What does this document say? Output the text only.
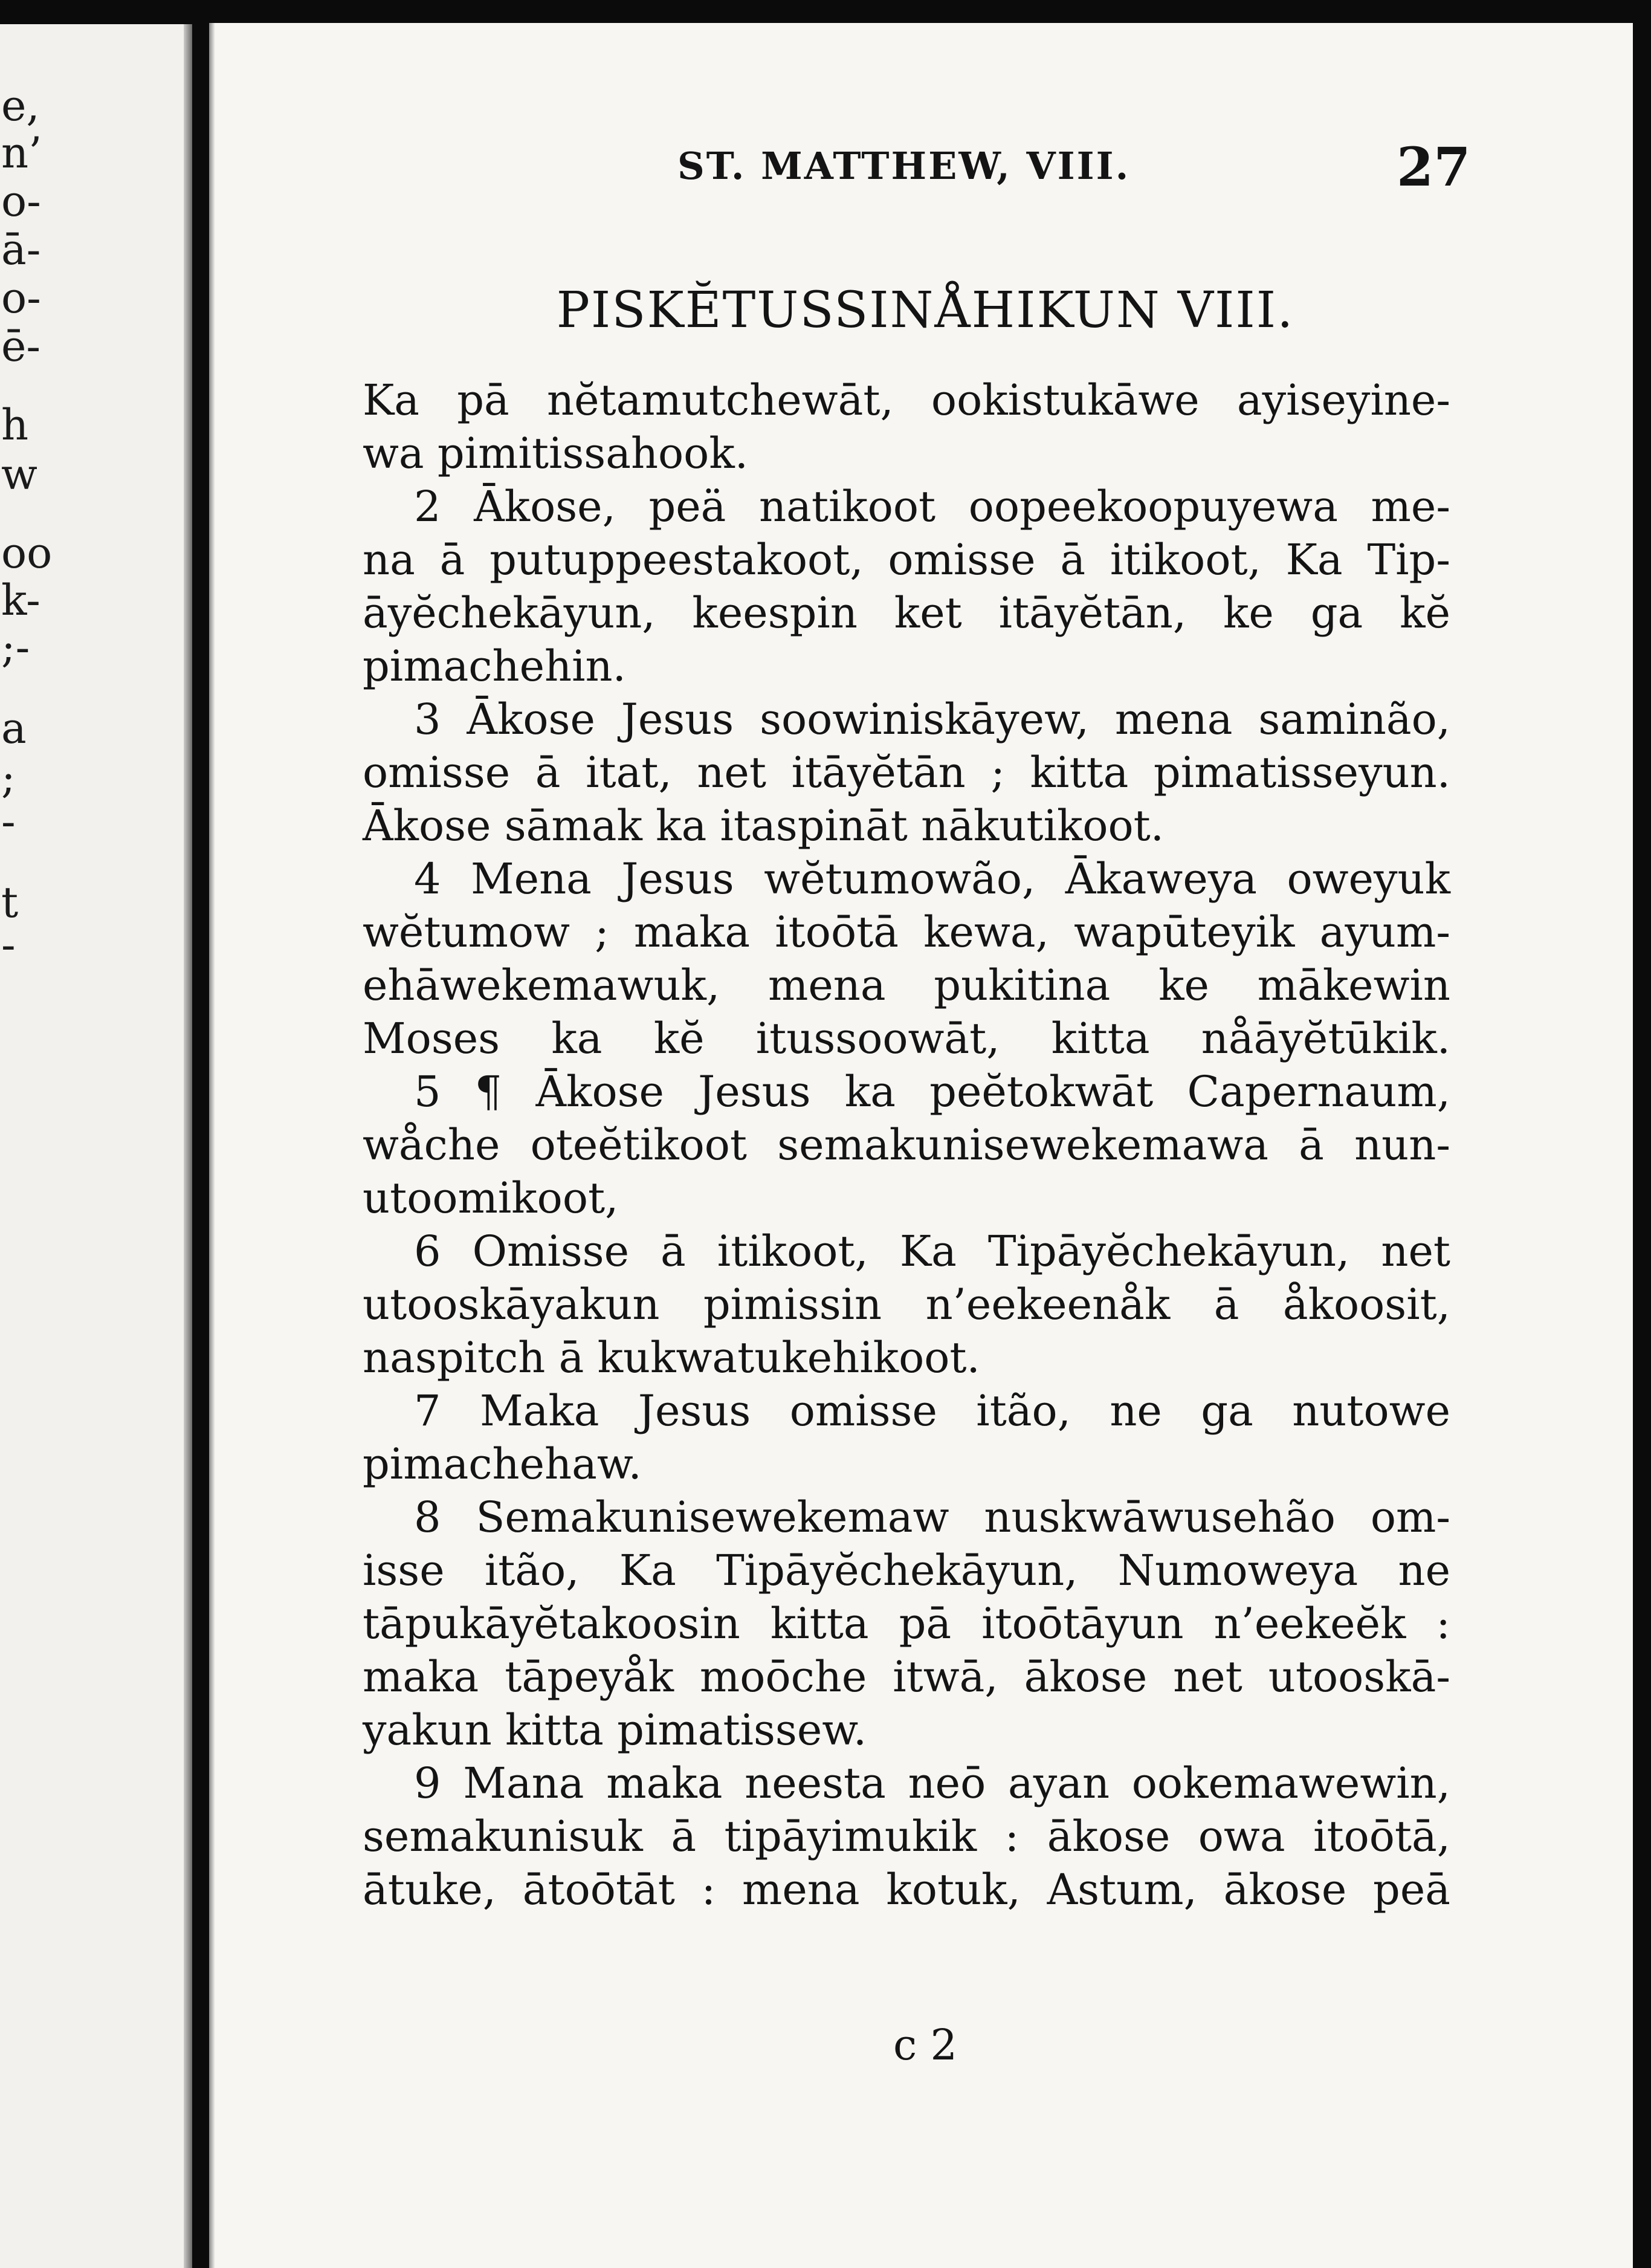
e,
n’
o-
ā-
o-
ē-
h
w
oo
k-
;-
a
;
-
t
-
ST. MATTHEW, VIII.	27
PISKĔTUSSINÅHIKUN VIII.
Ka pā nĕtamutchewāt, ookistukāwe ayiseyine-
wa pimitissahook.
2 Ākose, peä natikoot oopeekoopuyewa me-
na ā putuppeestakoot, omisse ā itikoot, Ka Tip-
āyĕchekāyun, keespin ket itāyĕtān, ke ga kĕ
pimachehin.
3 Ākose Jesus soowiniskāyew, mena saminão,
omisse ā itat, net itāyĕtān ; kitta pimatisseyun.
Ākose sāmak ka itaspināt nākutikoot.
4 Mena Jesus wĕtumowão, Ākaweya oweyuk
wĕtumow ; maka itoōtā kewa, wapūteyik ayum-
ehāwekemawuk, mena pukitina ke mākewin
Moses ka kĕ itussoowāt, kitta nåāyĕtūkik.
5 ¶ Ākose Jesus ka peĕtokwāt Capernaum,
wåche oteĕtikoot semakunisewekemawa ā nun-
utoomikoot,
6 Omisse ā itikoot, Ka Tipāyĕchekāyun, net
utooskāyakun pimissin n’eekeenåk ā åkoosit,
naspitch ā kukwatukehikoot.
7 Maka Jesus omisse itão, ne ga nutowe
pimachehaw.
8 Semakunisewekemaw nuskwāwusehão om-
isse itão, Ka Tipāyĕchekāyun, Numoweya ne
tāpukāyĕtakoosin kitta pā itoōtāyun n’eekeĕk :
maka tāpeyåk moōche itwā, ākose net utooskā-
yakun kitta pimatissew.
9 Mana maka neesta neō ayan ookemawewin,
semakunisuk ā tipāyimukik : ākose owa itoōtā,
ātuke, ātoōtāt : mena kotuk, Astum, ākose peā
c 2
